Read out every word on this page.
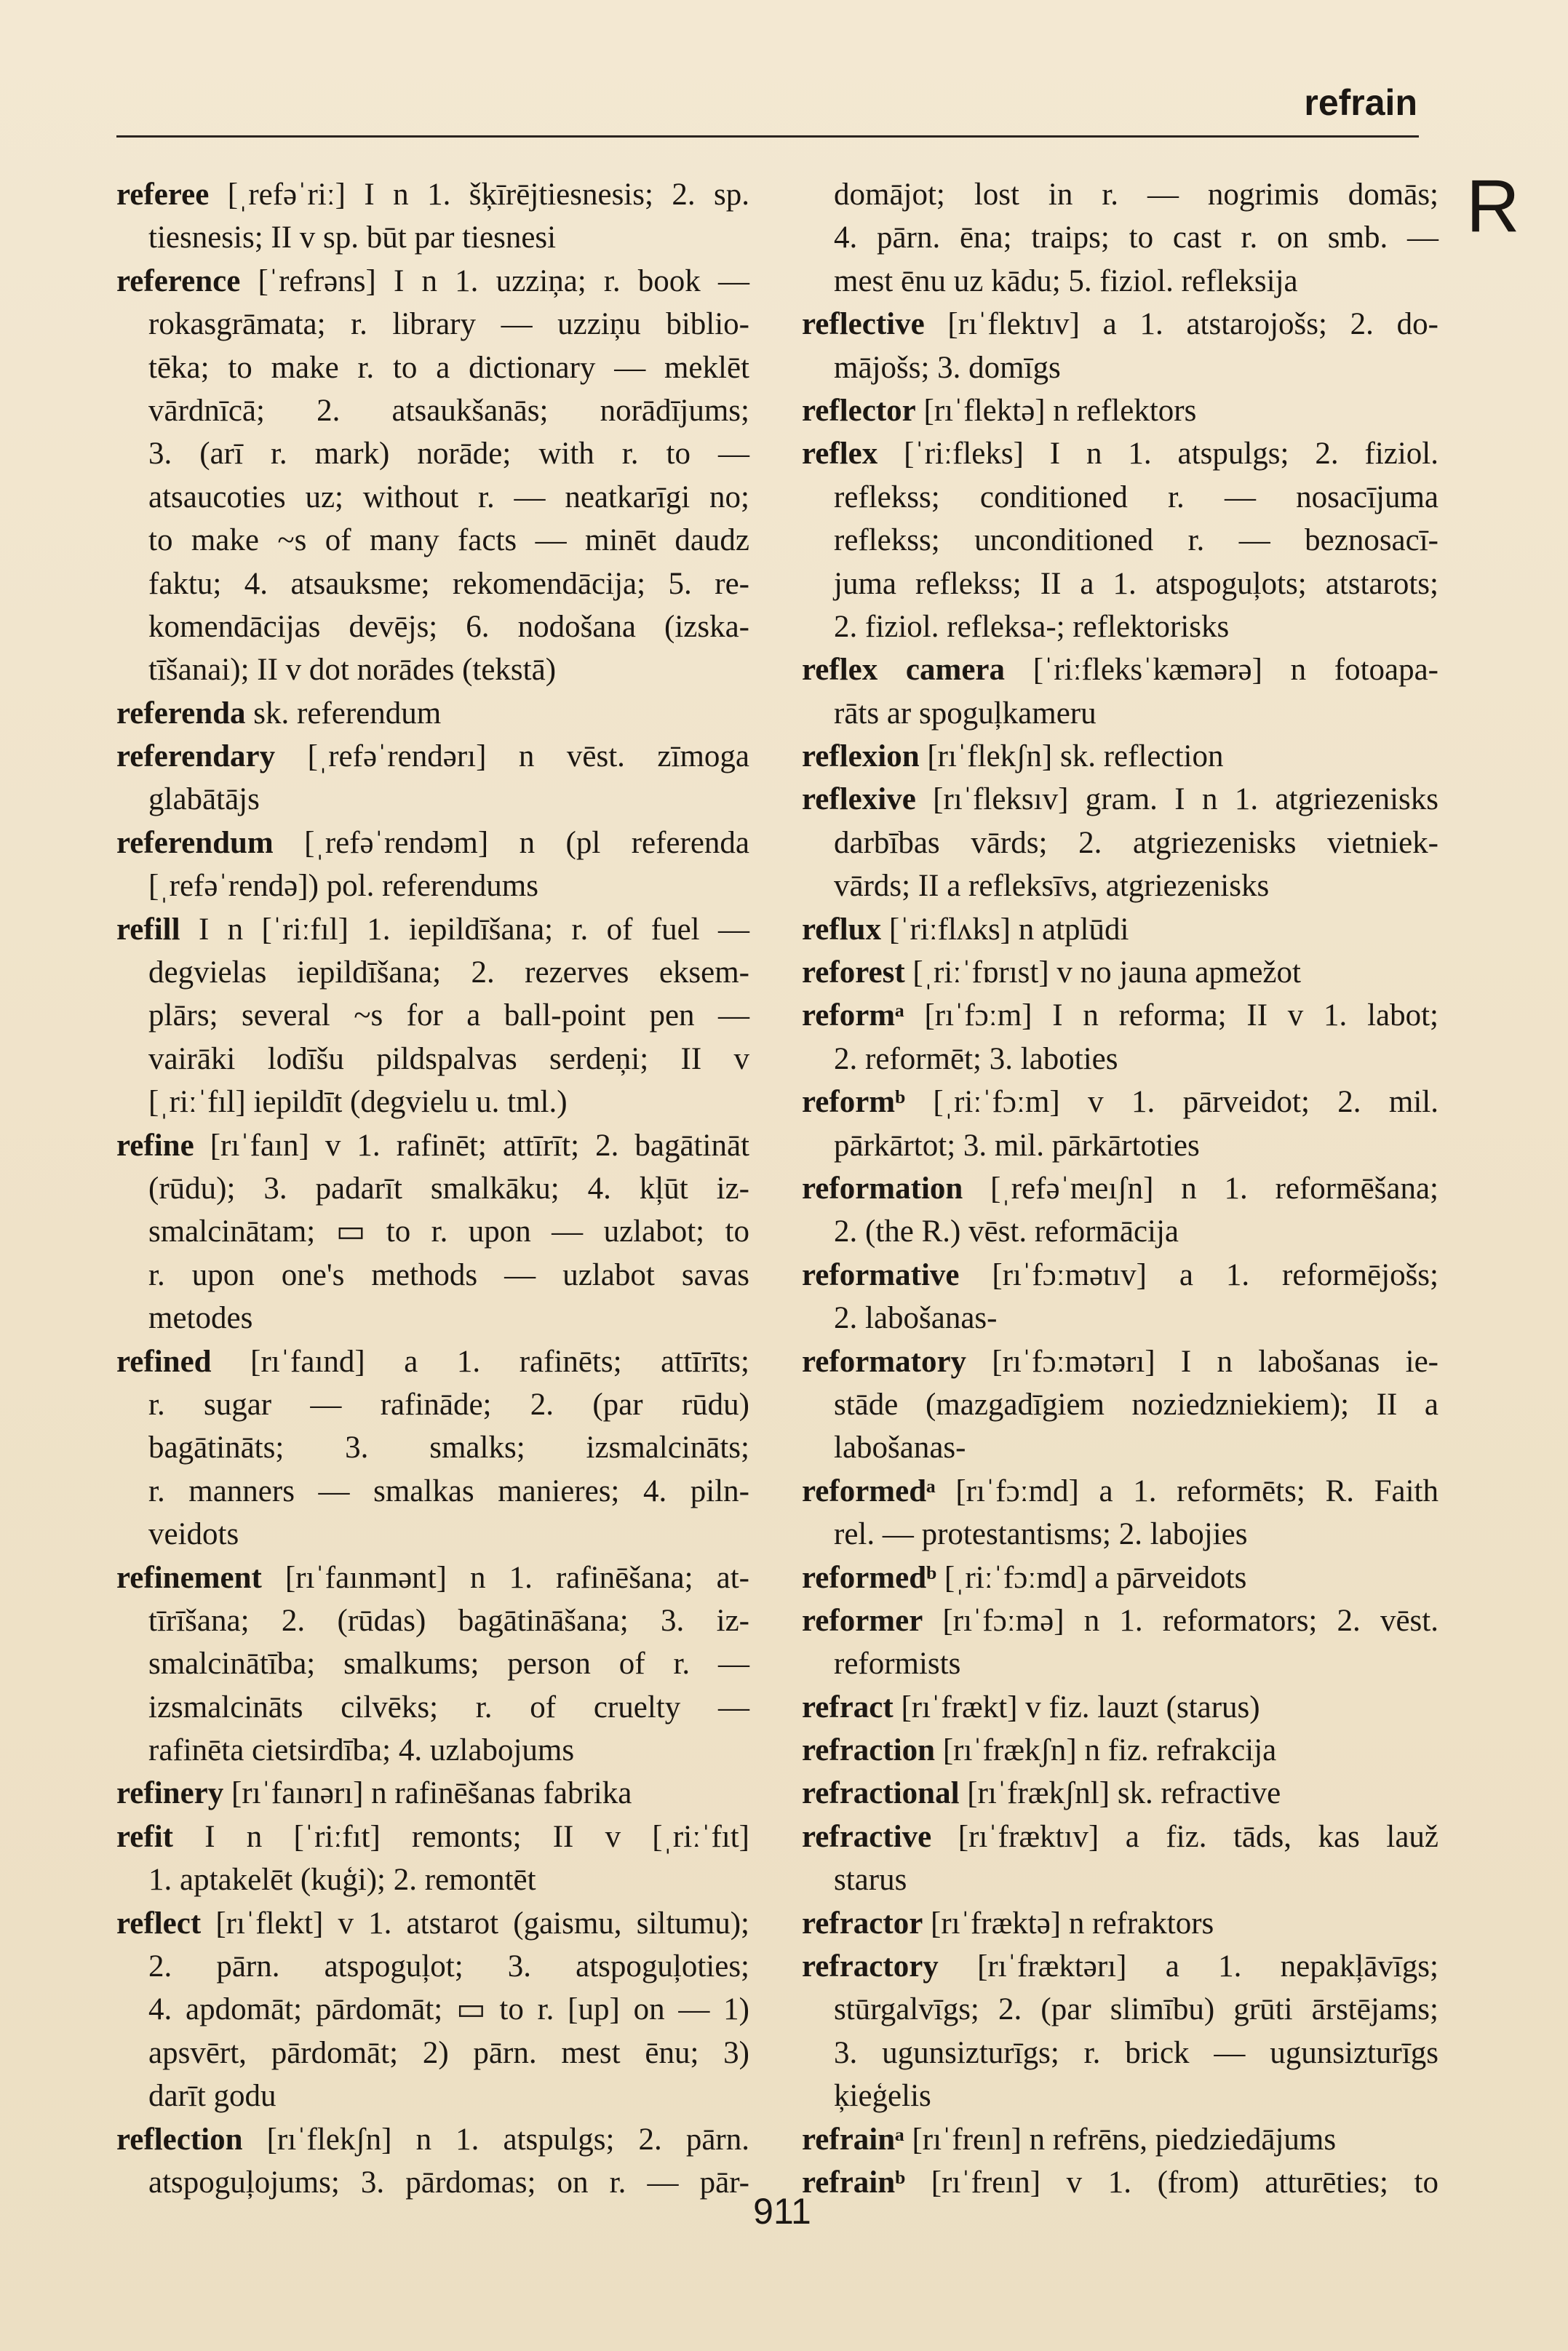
refrain
R
referee [ˌrefəˈriː] I n 1. šķīrējtiesnesis; 2. sp.
tiesnesis; II v sp. būt par tiesnesi
reference [ˈrefrəns] I n 1. uzziņa; r. book —
rokasgrāmata; r. library — uzziņu biblio-
tēka; to make r. to a dictionary — meklēt
vārdnīcā; 2. atsaukšanās; norādījums;
3. (arī r. mark) norāde; with r. to —
atsaucoties uz; without r. — neatkarīgi no;
to make ~s of many facts — minēt daudz
faktu; 4. atsauksme; rekomendācija; 5. re-
komendācijas devējs; 6. nodošana (izska-
tīšanai); II v dot norādes (tekstā)
referenda sk. referendum
referendary [ˌrefəˈrendərı] n vēst. zīmoga
glabātājs
referendum [ˌrefəˈrendəm] n (pl referenda
[ˌrefəˈrendə]) pol. referendums
refill I n [ˈriːfıl] 1. iepildīšana; r. of fuel —
degvielas iepildīšana; 2. rezerves eksem-
plārs; several ~s for a ball-point pen —
vairāki lodīšu pildspalvas serdeņi; II v
[ˌriːˈfıl] iepildīt (degvielu u. tml.)
refine [rıˈfaın] v 1. rafinēt; attīrīt; 2. bagātināt
(rūdu); 3. padarīt smalkāku; 4. kļūt iz-
smalcinātam; ▭ to r. upon — uzlabot; to
r. upon one's methods — uzlabot savas
metodes
refined [rıˈfaınd] a 1. rafinēts; attīrīts;
r. sugar — rafināde; 2. (par rūdu)
bagātināts; 3. smalks; izsmalcināts;
r. manners — smalkas manieres; 4. piln-
veidots
refinement [rıˈfaınmənt] n 1. rafinēšana; at-
tīrīšana; 2. (rūdas) bagātināšana; 3. iz-
smalcinātība; smalkums; person of r. —
izsmalcināts cilvēks; r. of cruelty —
rafinēta cietsirdība; 4. uzlabojums
refinery [rıˈfaınərı] n rafinēšanas fabrika
refit I n [ˈriːfıt] remonts; II v [ˌriːˈfıt]
1. aptakelēt (kuģi); 2. remontēt
reflect [rıˈflekt] v 1. atstarot (gaismu, siltumu);
2. pārn. atspoguļot; 3. atspoguļoties;
4. apdomāt; pārdomāt; ▭ to r. [up] on — 1)
apsvērt, pārdomāt; 2) pārn. mest ēnu; 3)
darīt godu
reflection [rıˈflekʃn] n 1. atspulgs; 2. pārn.
atspoguļojums; 3. pārdomas; on r. — pār-
domājot; lost in r. — nogrimis domās;
4. pārn. ēna; traips; to cast r. on smb. —
mest ēnu uz kādu; 5. fiziol. refleksija
reflective [rıˈflektıv] a 1. atstarojošs; 2. do-
mājošs; 3. domīgs
reflector [rıˈflektə] n reflektors
reflex [ˈriːfleks] I n 1. atspulgs; 2. fiziol.
reflekss; conditioned r. — nosacījuma
reflekss; unconditioned r. — beznosacī-
juma reflekss; II a 1. atspoguļots; atstarots;
2. fiziol. refleksa-; reflektorisks
reflex camera [ˈriːfleksˈkæmərə] n fotoapa-
rāts ar spoguļkameru
reflexion [rıˈflekʃn] sk. reflection
reflexive [rıˈfleksıv] gram. I n 1. atgriezenisks
darbības vārds; 2. atgriezenisks vietniek-
vārds; II a refleksīvs, atgriezenisks
reflux [ˈriːflʌks] n atplūdi
reforest [ˌriːˈfɒrıst] v no jauna apmežot
reformᵃ [rıˈfɔːm] I n reforma; II v 1. labot;
2. reformēt; 3. laboties
reformᵇ [ˌriːˈfɔːm] v 1. pārveidot; 2. mil.
pārkārtot; 3. mil. pārkārtoties
reformation [ˌrefəˈmeıʃn] n 1. reformēšana;
2. (the R.) vēst. reformācija
reformative [rıˈfɔːmətıv] a 1. reformējošs;
2. labošanas-
reformatory [rıˈfɔːmətərı] I n labošanas ie-
stāde (mazgadīgiem noziedzniekiem); II a
labošanas-
reformedᵃ [rıˈfɔːmd] a 1. reformēts; R. Faith
rel. — protestantisms; 2. labojies
reformedᵇ [ˌriːˈfɔːmd] a pārveidots
reformer [rıˈfɔːmə] n 1. reformators; 2. vēst.
reformists
refract [rıˈfrækt] v fiz. lauzt (starus)
refraction [rıˈfrækʃn] n fiz. refrakcija
refractional [rıˈfrækʃnl] sk. refractive
refractive [rıˈfræktıv] a fiz. tāds, kas lauž
starus
refractor [rıˈfræktə] n refraktors
refractory [rıˈfræktərı] a 1. nepakļāvīgs;
stūrgalvīgs; 2. (par slimību) grūti ārstējams;
3. ugunsizturīgs; r. brick — ugunsizturīgs
ķieģelis
refrainᵃ [rıˈfreın] n refrēns, piedziedājums
refrainᵇ [rıˈfreın] v 1. (from) atturēties; to
911
